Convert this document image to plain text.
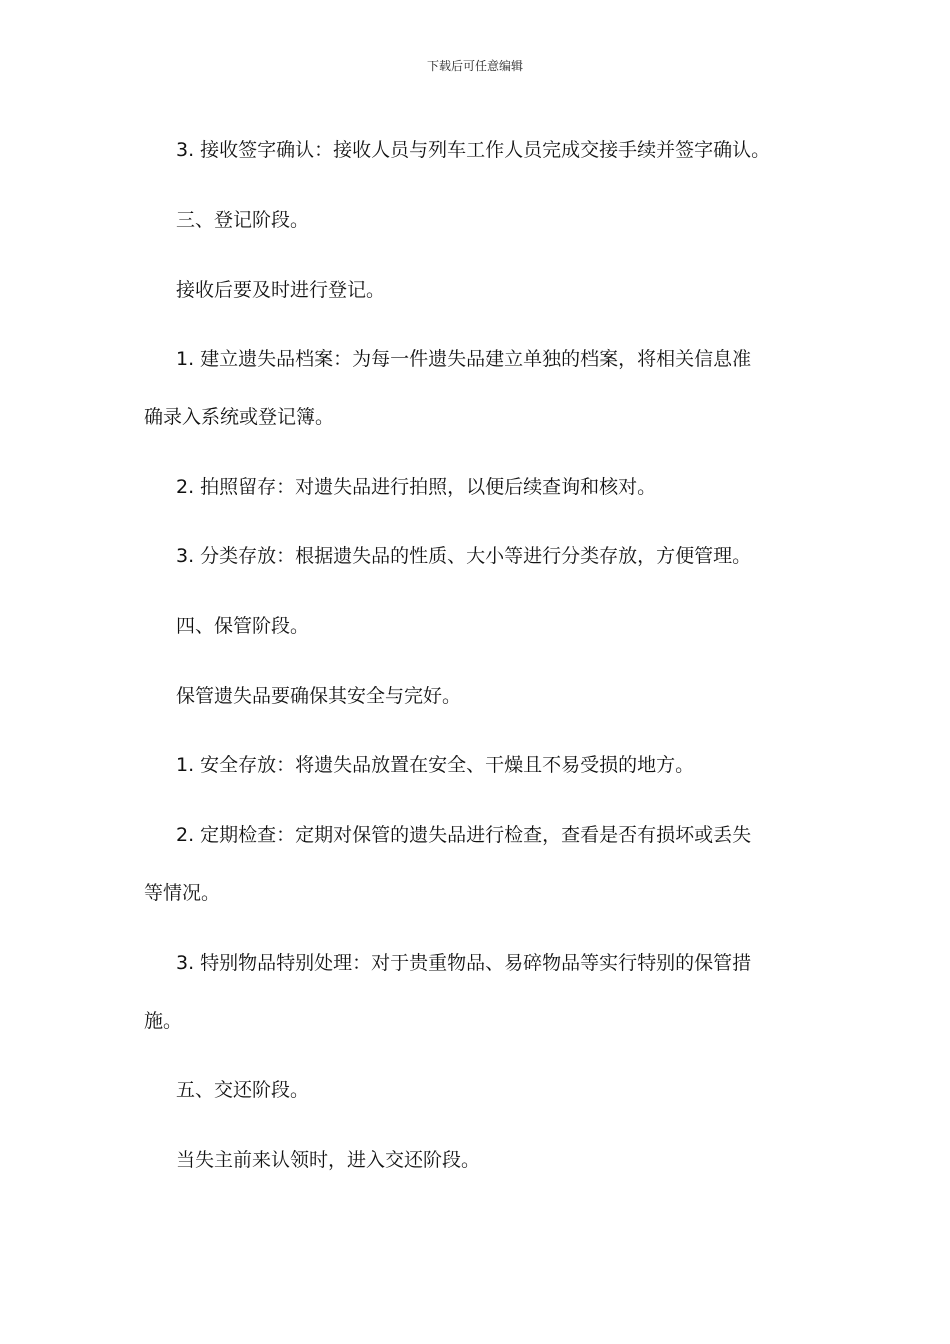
下载后可任意编辑
3. 接收签字确认：接收人员与列车工作人员完成交接手续并签字确认。
三、登记阶段。
接收后要及时进行登记。
1. 建立遗失品档案：为每一件遗失品建立单独的档案，将相关信息准
确录入系统或登记簿。
2. 拍照留存：对遗失品进行拍照，以便后续查询和核对。
3. 分类存放：根据遗失品的性质、大小等进行分类存放，方便管理。
四、保管阶段。
保管遗失品要确保其安全与完好。
1. 安全存放：将遗失品放置在安全、干燥且不易受损的地方。
2. 定期检查：定期对保管的遗失品进行检查，查看是否有损坏或丢失
等情况。
3. 特别物品特别处理：对于贵重物品、易碎物品等实行特别的保管措
施。
五、交还阶段。
当失主前来认领时，进入交还阶段。
